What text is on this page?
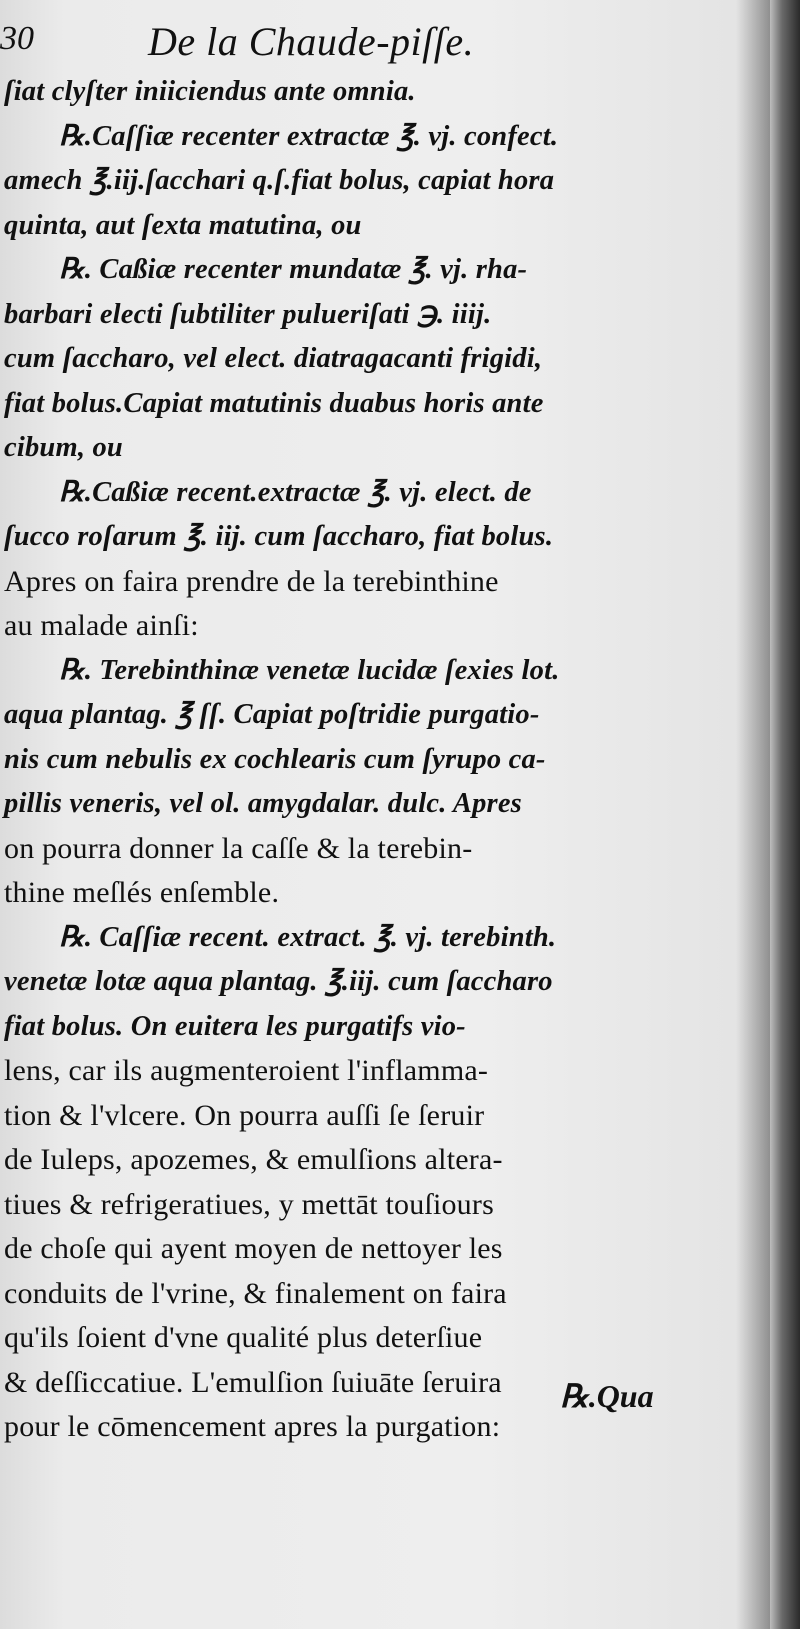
30	De la Chaude-piſſe.
ſiat clyſter iniiciendus ante omnia.
℞.Caſſiæ recenter extractæ ℥. vj. confect.
amech ℥.iij.ſacchari q.ſ.fiat bolus, capiat hora
quinta, aut ſexta matutina, ou
℞. Caßiæ recenter mundatæ ℥. vj. rha-
barbari electi ſubtiliter pulueriſati ℈. iiij.
cum ſaccharo, vel elect. diatragacanti frigidi,
fiat bolus.Capiat matutinis duabus horis ante
cibum, ou
℞.Caßiæ recent.extractæ ℥. vj. elect. de
ſucco roſarum ℥. iij. cum ſaccharo, fiat bolus.
Apres on faira prendre de la terebinthine
au malade ainſi:
℞. Terebinthinæ venetæ lucidæ ſexies lot.
aqua plantag. ℥ ſſ. Capiat poſtridie purgatio-
nis cum nebulis ex cochlearis cum ſyrupo ca-
pillis veneris, vel ol. amygdalar. dulc. Apres
on pourra donner la caſſe & la terebin-
thine meſlés enſemble.
℞. Caſſiæ recent. extract. ℥. vj. terebinth.
venetæ lotæ aqua plantag. ℥.iij. cum ſaccharo
fiat bolus. On euitera les purgatifs vio-
lens, car ils augmenteroient l'inflamma-
tion & l'vlcere. On pourra auſſi ſe ſeruir
de Iuleps, apozemes, & emulſions altera-
tiues & refrigeratiues, y mettāt touſiours
de choſe qui ayent moyen de nettoyer les
conduits de l'vrine, & finalement on faira
qu'ils ſoient d'vne qualité plus deterſiue
& deſſiccatiue. L'emulſion ſuiuāte ſeruira
pour le cōmencement apres la purgation:
℞.Qua
